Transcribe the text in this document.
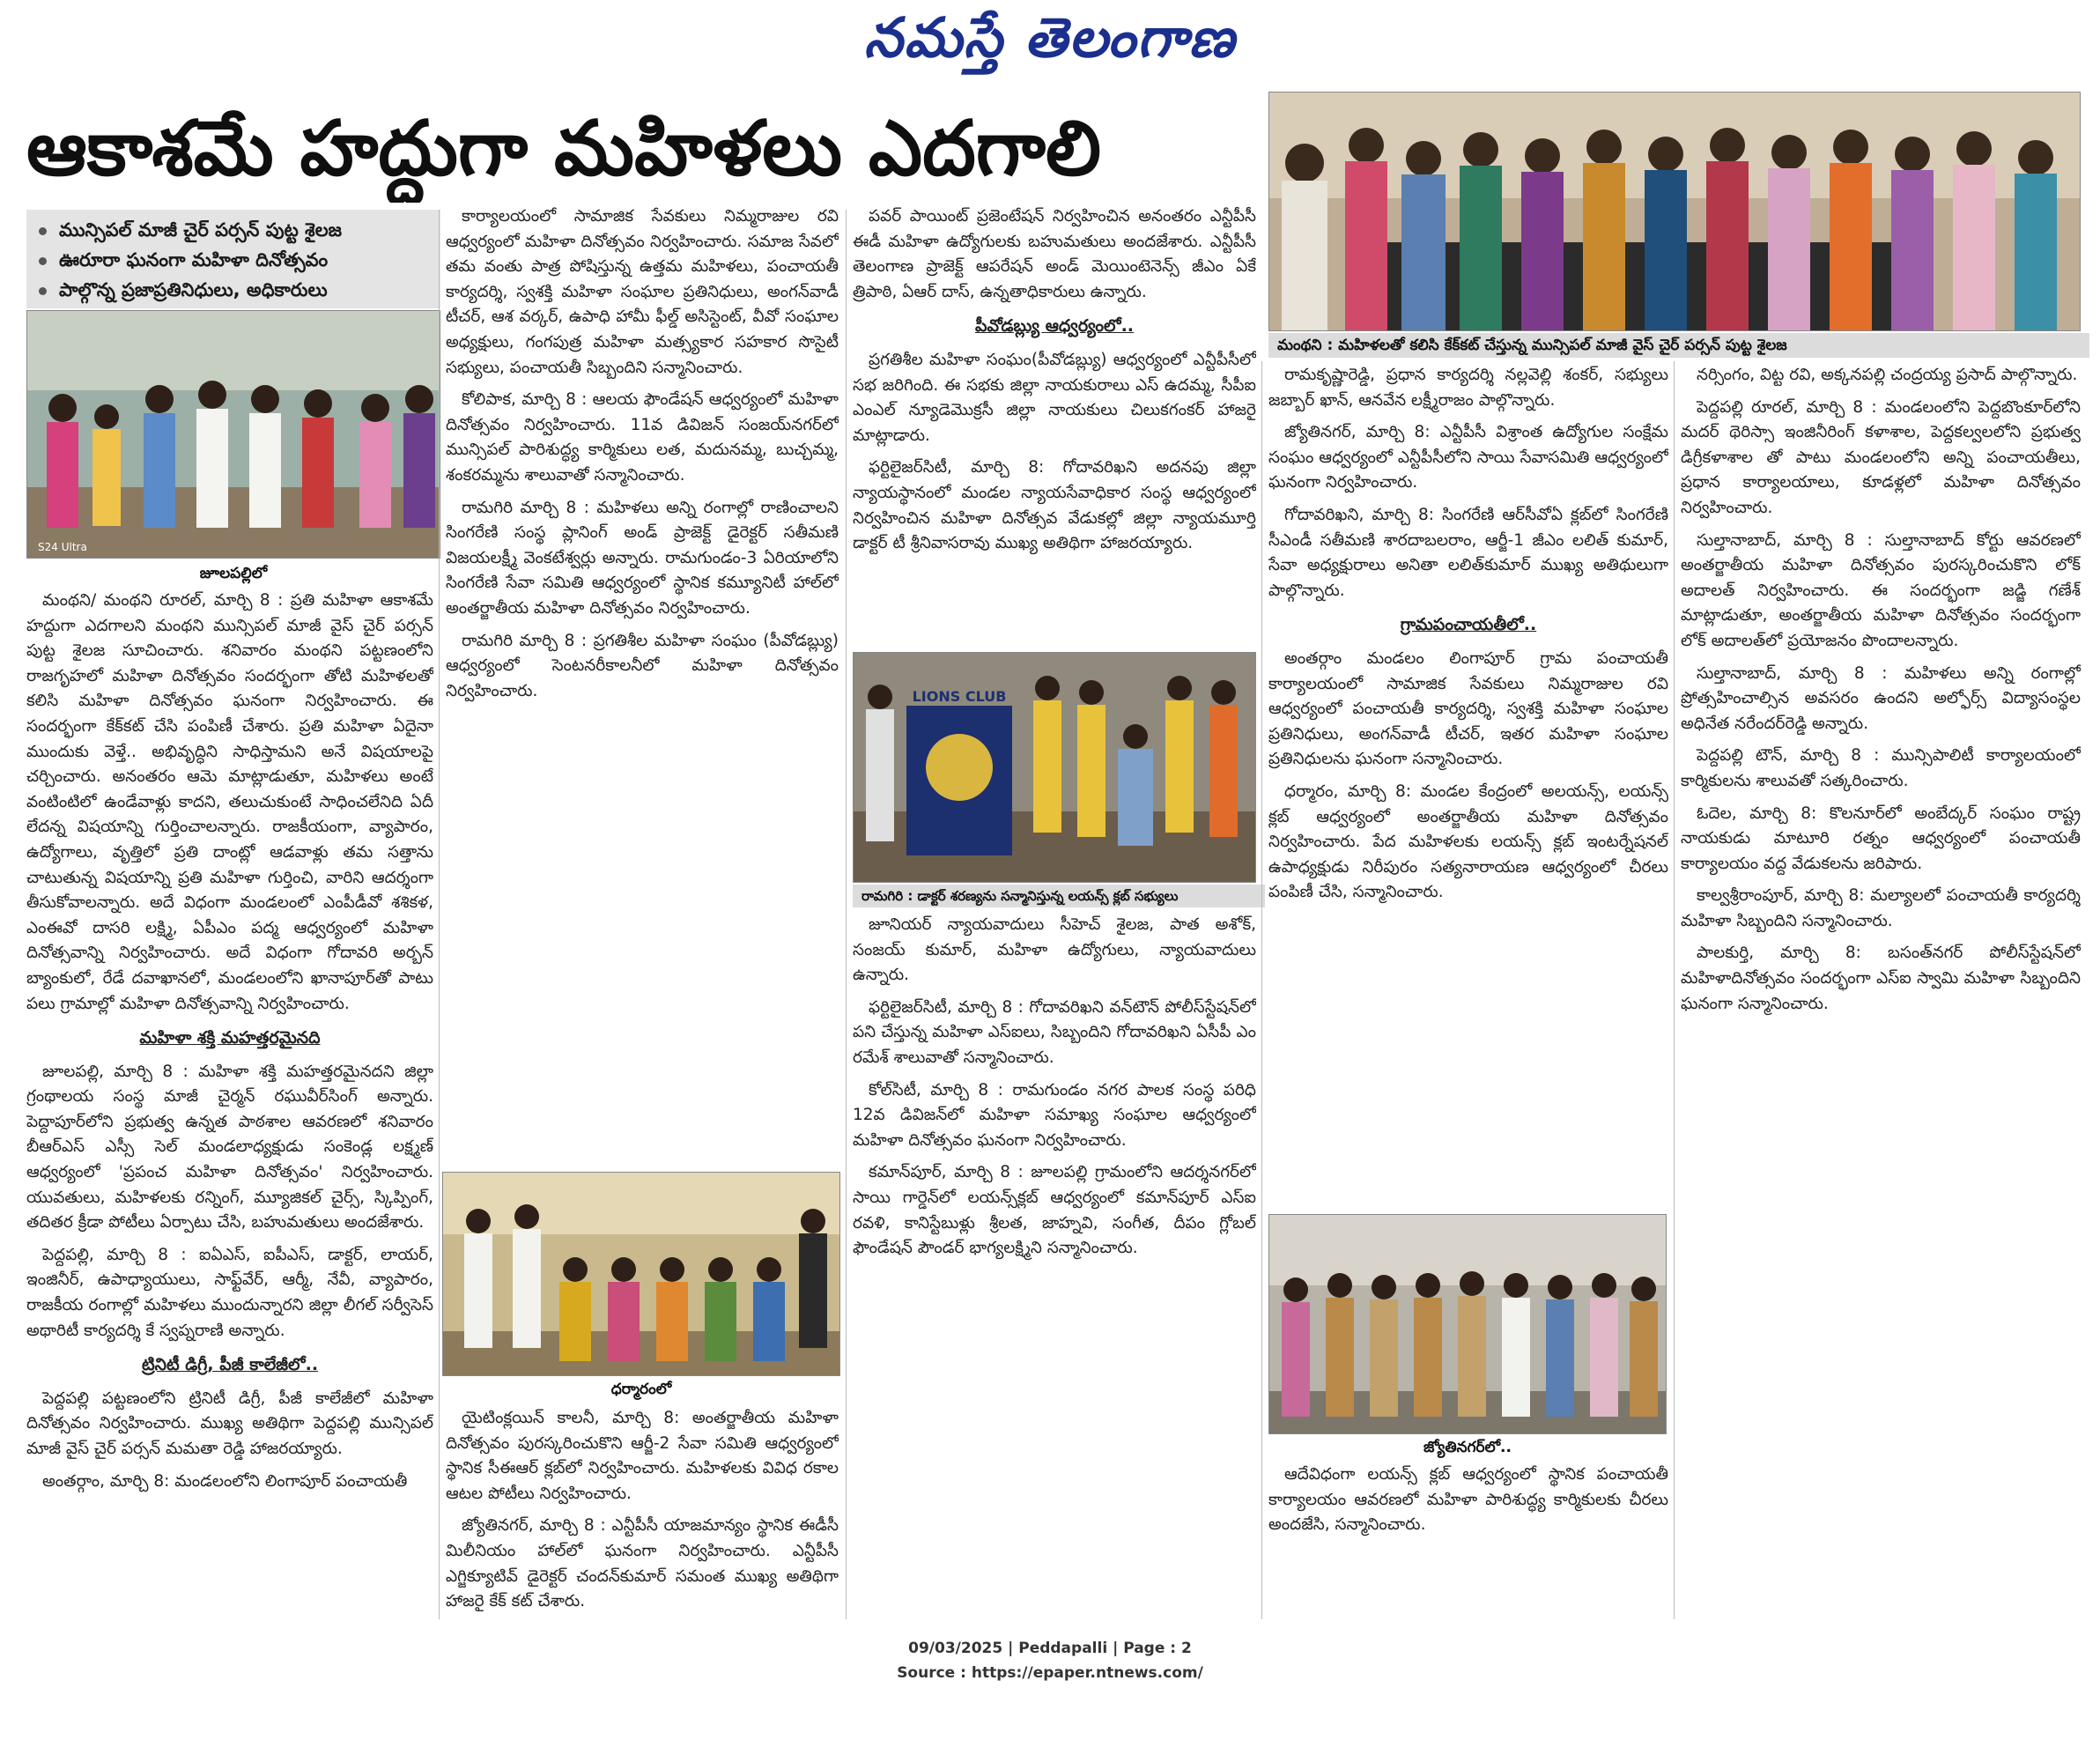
నమస్తే తెలంగాణ
ఆకాశమే హద్దుగా మహిళలు ఎదగాలి
మున్సిపల్ మాజీ చైర్ పర్సన్ పుట్ట శైలజ
ఊరూరా ఘనంగా మహిళా దినోత్సవం
పాల్గొన్న ప్రజాప్రతినిధులు, అధికారులు
మంథని : మహిళలతో కలిసి కేక్‌కట్ చేస్తున్న మున్సిపల్ మాజీ వైస్ చైర్ పర్సన్ పుట్ట శైలజ
S24 Ultra
జూలపల్లిలో
LIONS CLUB
రామగిరి : డాక్టర్ శరణ్యను సన్మానిస్తున్న లయన్స్ క్లబ్ సభ్యులు
ధర్మారంలో
జ్యోతినగర్‌లో..

మంథని/ మంథని రూరల్, మార్చి 8 : ప్రతి మహిళా ఆకాశమే హద్దుగా ఎదగాలని మంథని మున్సిపల్ మాజీ వైస్ చైర్ పర్సన్ పుట్ట శైలజ సూచించారు. శనివారం మంథని పట్టణంలోని రాజగృహలో మహిళా దినోత్సవం సందర్భంగా తోటి మహిళలతో కలిసి మహిళా దినోత్సవం ఘనంగా నిర్వహించారు. ఈ సందర్భంగా కేక్‌కట్ చేసి పంపిణీ చేశారు. ప్రతి మహిళా ఏదైనా ముందుకు వెళ్తే.. అభివృద్ధిని సాధిస్తామని అనే విషయాలపై చర్చించారు. అనంతరం ఆమె మాట్లాడుతూ, మహిళలు అంటే వంటింటిలో ఉండేవాళ్లు కాదని, తలుచుకుంటే సాధించలేనిది ఏదీ లేదన్న విషయాన్ని గుర్తించాలన్నారు. రాజకీయంగా, వ్యాపారం, ఉద్యోగాలు, వృత్తిలో ప్రతి దాంట్లో ఆడవాళ్లు తమ సత్తాను చాటుతున్న విషయాన్ని ప్రతి మహిళా గుర్తించి, వారిని ఆదర్శంగా తీసుకోవాలన్నారు. అదే విధంగా మండలంలో ఎంపీడీవో శశికళ, ఎంఈవో దాసరి లక్ష్మి, ఏపీఎం పద్మ ఆధ్వర్యంలో మహిళా దినోత్సవాన్ని నిర్వహించారు. అదే విధంగా గోదావరి అర్బన్ బ్యాంకులో, రేడే దవాఖానలో, మండలంలోని ఖానాపూర్‌తో పాటు పలు గ్రామాల్లో మహిళా దినోత్సవాన్ని నిర్వహించారు.

మహిళా శక్తి మహత్తరమైనది

జూలపల్లి, మార్చి 8 : మహిళా శక్తి మహత్తరమైనదని జిల్లా గ్రంథాలయ సంస్థ మాజీ చైర్మన్ రఘువీర్‌సింగ్ అన్నారు. పెద్దాపూర్‌లోని ప్రభుత్వ ఉన్నత పాఠశాల ఆవరణలో శనివారం బీఆర్ఎస్ ఎస్సీ సెల్ మండలాధ్యక్షుడు సంకెండ్ల లక్ష్మణ్ ఆధ్వర్యంలో 'ప్రపంచ మహిళా దినోత్సవం' నిర్వహించారు. యువతులు, మహిళలకు రన్నింగ్, మ్యూజికల్ చైర్స్, స్కిప్పింగ్, తదితర క్రీడా పోటీలు ఏర్పాటు చేసి, బహుమతులు అందజేశారు.

పెద్దపల్లి, మార్చి 8 : ఐఏఎస్, ఐపీఎస్, డాక్టర్, లాయర్, ఇంజినీర్, ఉపాధ్యాయులు, సాఫ్ట్‌వేర్, ఆర్మీ, నేవీ, వ్యాపారం, రాజకీయ రంగాల్లో మహిళలు ముందున్నారని జిల్లా లీగల్ సర్వీసెస్ అథారిటీ కార్యదర్శి కే స్వప్నరాణి అన్నారు.

ట్రినిటీ డిగ్రీ, పీజీ కాలేజీలో..

పెద్దపల్లి పట్టణంలోని ట్రినిటీ డిగ్రీ, పీజీ కాలేజీలో మహిళా దినోత్సవం నిర్వహించారు. ముఖ్య అతిథిగా పెద్దపల్లి మున్సిపల్ మాజీ వైస్ చైర్ పర్సన్ మమతా రెడ్డి హాజరయ్యారు.

అంతర్గాం, మార్చి 8: మండలంలోని లింగాపూర్ పంచాయతీ

కార్యాలయంలో సామాజిక సేవకులు నిమ్మరాజుల రవి ఆధ్వర్యంలో మహిళా దినోత్సవం నిర్వహించారు. సమాజ సేవలో తమ వంతు పాత్ర పోషిస్తున్న ఉత్తమ మహిళలు, పంచాయతీ కార్యదర్శి, స్వశక్తి మహిళా సంఘాల ప్రతినిధులు, అంగన్‌వాడీ టీచర్, ఆశ వర్కర్, ఉపాధి హామీ ఫీల్డ్ అసిస్టెంట్, వీవో సంఘాల అధ్యక్షులు, గంగపుత్ర మహిళా మత్స్యకార సహకార సొసైటీ సభ్యులు, పంచాయతీ సిబ్బందిని సన్మానించారు.

కోలిపాక, మార్చి 8 : ఆలయ ఫౌండేషన్ ఆధ్వర్యంలో మహిళా దినోత్సవం నిర్వహించారు. 11వ డివిజన్ సంజయ్‌నగర్‌లో మున్సిపల్ పారిశుద్ధ్య కార్మికులు లత, మదునమ్మ, బుచ్చమ్మ, శంకరమ్మను శాలువాతో సన్మానించారు.

రామగిరి మార్చి 8 : మహిళలు అన్ని రంగాల్లో రాణించాలని సింగరేణి సంస్థ ప్లానింగ్ అండ్ ప్రాజెక్ట్ డైరెక్టర్ సతీమణి విజయలక్ష్మీ వెంకటేశ్వర్లు అన్నారు. రామగుండం-3 ఏరియాలోని సింగరేణి సేవా సమితి ఆధ్వర్యంలో స్థానిక కమ్యూనిటీ హాల్‌లో అంతర్జాతీయ మహిళా దినోత్సవం నిర్వహించారు.

రామగిరి మార్చి 8 : ప్రగతిశీల మహిళా సంఘం (పీవోడబ్ల్యు) ఆధ్వర్యంలో సెంటనరీకాలనీలో మహిళా దినోత్సవం నిర్వహించారు.

యైటింక్లయిన్ కాలనీ, మార్చి 8: అంతర్జాతీయ మహిళా దినోత్సవం పురస్కరించుకొని ఆర్జీ-2 సేవా సమితి ఆధ్వర్యంలో స్థానిక సీఈఆర్ క్లబ్‌లో నిర్వహించారు. మహిళలకు వివిధ రకాల ఆటల పోటీలు నిర్వహించారు.

జ్యోతినగర్, మార్చి 8 : ఎన్టీపీసీ యాజమాన్యం స్థానిక ఈడీసీ మిలీనియం హాల్‌లో ఘనంగా నిర్వహించారు. ఎన్టీపీసీ ఎగ్జిక్యూటివ్ డైరెక్టర్ చందన్‌కుమార్ సమంత ముఖ్య అతిథిగా హాజరై కేక్ కట్ చేశారు.

పవర్ పాయింట్ ప్రజెంటేషన్ నిర్వహించిన అనంతరం ఎన్టీపీసీ ఈడీ మహిళా ఉద్యోగులకు బహుమతులు అందజేశారు. ఎన్టీపీసీ తెలంగాణ ప్రాజెక్ట్ ఆపరేషన్ అండ్ మెయింటెనెన్స్ జీఎం ఏకే త్రిపాఠి, ఏఆర్ దాస్, ఉన్నతాధికారులు ఉన్నారు.

పీవోడబ్ల్యు ఆధ్వర్యంలో..

ప్రగతిశీల మహిళా సంఘం(పీవోడబ్ల్యు) ఆధ్వర్యంలో ఎన్టీపీసీలో సభ జరిగింది. ఈ సభకు జిల్లా నాయకురాలు ఎస్ ఉదమ్మ, సీపీఐ ఎంఎల్ న్యూడెమొక్రసీ జిల్లా నాయకులు చిలుకగంకర్ హాజరై మాట్లాడారు.

ఫర్టిలైజర్‌సిటీ, మార్చి 8: గోదావరిఖని అదనపు జిల్లా న్యాయస్థానంలో మండల న్యాయసేవాధికార సంస్థ ఆధ్వర్యంలో నిర్వహించిన మహిళా దినోత్సవ వేడుకల్లో జిల్లా న్యాయమూర్తి డాక్టర్ టీ శ్రీనివాసరావు ముఖ్య అతిథిగా హాజరయ్యారు.

జూనియర్ న్యాయవాదులు సీహెచ్ శైలజ, పాత అశోక్, సంజయ్ కుమార్, మహిళా ఉద్యోగులు, న్యాయవాదులు ఉన్నారు.

ఫర్టిలైజర్‌సిటీ, మార్చి 8 : గోదావరిఖని వన్‌టౌన్ పోలీస్‌స్టేషన్‌లో పని చేస్తున్న మహిళా ఎస్ఐలు, సిబ్బందిని గోదావరిఖని ఏసీపీ ఎం రమేశ్ శాలువాతో సన్మానించారు.

కోల్‌సిటీ, మార్చి 8 : రామగుండం నగర పాలక సంస్థ పరిధి 12వ డివిజన్‌లో మహిళా సమాఖ్య సంఘాల ఆధ్వర్యంలో మహిళా దినోత్సవం ఘనంగా నిర్వహించారు.

కమాన్‌పూర్, మార్చి 8 : జూలపల్లి గ్రామంలోని ఆదర్శనగర్‌లో సాయి గార్డెన్‌లో లయన్స్‌క్లబ్ ఆధ్వర్యంలో కమాన్‌పూర్ ఎస్ఐ రవళి, కానిస్టేబుళ్లు శ్రీలత, జాహ్నవి, సంగీత, దీపం గ్లోబల్ ఫౌండేషన్ పౌండర్ భాగ్యలక్ష్మిని సన్మానించారు.

రామకృష్ణారెడ్డి, ప్రధాన కార్యదర్శి నల్లవెల్లి శంకర్, సభ్యులు జబ్బార్ ఖాన్, ఆనవేన లక్ష్మీరాజం పాల్గొన్నారు.

జ్యోతినగర్, మార్చి 8: ఎన్టీపీసీ విశ్రాంత ఉద్యోగుల సంక్షేమ సంఘం ఆధ్వర్యంలో ఎన్టీపీసీలోని సాయి సేవాసమితి ఆధ్వర్యంలో ఘనంగా నిర్వహించారు.

గోదావరిఖని, మార్చి 8: సింగరేణి ఆర్‌సీవోఏ క్లబ్‌లో సింగరేణి సీఎండీ సతీమణి శారదాబలరాం, ఆర్జీ-1 జీఎం లలిత్ కుమార్, సేవా అధ్యక్షురాలు అనితా లలిత్‌కుమార్ ముఖ్య అతిథులుగా పాల్గొన్నారు.

గ్రామపంచాయతీలో..

అంతర్గాం మండలం లింగాపూర్ గ్రామ పంచాయతీ కార్యాలయంలో సామాజిక సేవకులు నిమ్మరాజుల రవి ఆధ్వర్యంలో పంచాయతీ కార్యదర్శి, స్వశక్తి మహిళా సంఘాల ప్రతినిధులు, అంగన్‌వాడీ టీచర్, ఇతర మహిళా సంఘాల ప్రతినిధులను ఘనంగా సన్మానించారు.

ధర్మారం, మార్చి 8: మండల కేంద్రంలో అలయన్స్, లయన్స్ క్లబ్ ఆధ్వర్యంలో అంతర్జాతీయ మహిళా దినోత్సవం నిర్వహించారు. పేద మహిళలకు లయన్స్ క్లబ్ ఇంటర్నేషనల్ ఉపాధ్యక్షుడు నిరీపురం సత్యనారాయణ ఆధ్వర్యంలో చీరలు పంపిణీ చేసి, సన్మానించారు.

ఆదేవిధంగా లయన్స్ క్లబ్ ఆధ్వర్యంలో స్థానిక పంచాయతీ కార్యాలయం ఆవరణలో మహిళా పారిశుద్ధ్య కార్మికులకు చీరలు అందజేసి, సన్మానించారు.

నర్సింగం, విట్ట రవి, అక్కనపల్లి చంద్రయ్య ప్రసాద్ పాల్గొన్నారు.

పెద్దపల్లి రూరల్, మార్చి 8 : మండలంలోని పెద్దబొంకూర్‌లోని మదర్ థెరిస్సా ఇంజినీరింగ్ కళాశాల, పెద్దకల్వలలోని ప్రభుత్వ డిగ్రీకళాశాల తో పాటు మండలంలోని అన్ని పంచాయతీలు, ప్రధాన కార్యాలయాలు, కూడళ్లలో మహిళా దినోత్సవం నిర్వహించారు.

సుల్తానాబాద్, మార్చి 8 : సుల్తానాబాద్ కోర్టు ఆవరణలో అంతర్జాతీయ మహిళా దినోత్సవం పురస్కరించుకొని లోక్ అదాలత్ నిర్వహించారు. ఈ సందర్భంగా జడ్జి గణేశ్ మాట్లాడుతూ, అంతర్జాతీయ మహిళా దినోత్సవం సందర్భంగా లోక్ అదాలత్‌లో ప్రయోజనం పొందాలన్నారు.

సుల్తానాబాద్, మార్చి 8 : మహిళలు అన్ని రంగాల్లో ప్రోత్సహించాల్సిన అవసరం ఉందని అల్ఫోర్స్ విద్యాసంస్థల అధినేత నరేందర్‌రెడ్డి అన్నారు.

పెద్దపల్లి టౌన్, మార్చి 8 : మున్సిపాలిటీ కార్యాలయంలో కార్మికులను శాలువతో సత్కరించారు.

ఓదెల, మార్చి 8: కొలనూర్‌లో అంబేద్కర్ సంఘం రాష్ట్ర నాయకుడు మాటూరి రత్నం ఆధ్వర్యంలో పంచాయతీ కార్యాలయం వద్ద వేడుకలను జరిపారు.

కాల్వశ్రీరాంపూర్, మార్చి 8: మల్యాలలో పంచాయతీ కార్యదర్శి మహిళా సిబ్బందిని సన్మానించారు.

పాలకుర్తి, మార్చి 8: బసంత్‌నగర్ పోలీస్‌స్టేషన్‌లో మహిళాదినోత్సవం సందర్భంగా ఎస్ఐ స్వామి మహిళా సిబ్బందిని ఘనంగా సన్మానించారు.

09/03/2025 | Peddapalli | Page : 2
Source : https://epaper.ntnews.com/
